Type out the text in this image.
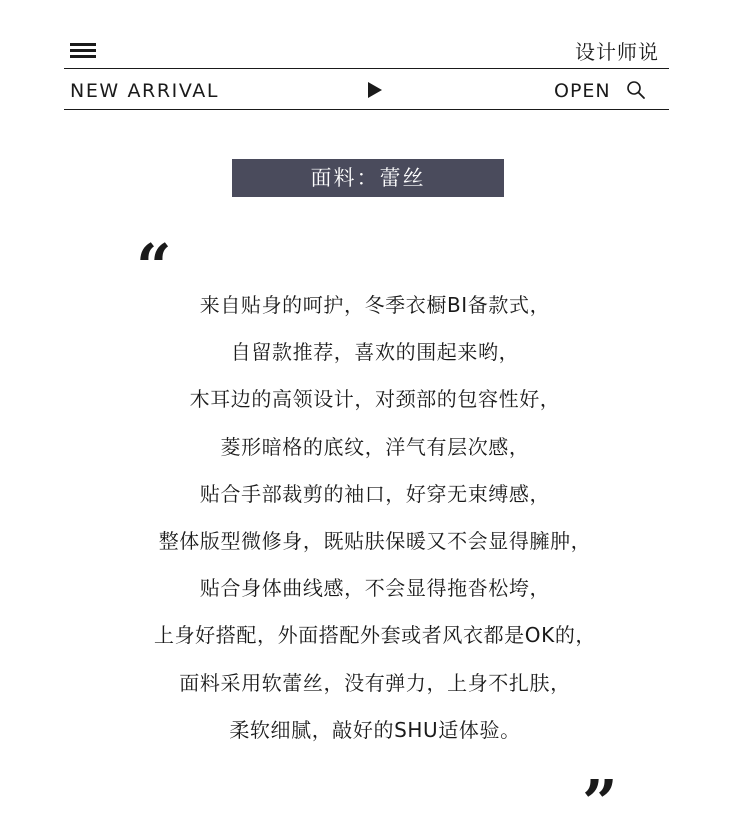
设计师说
NEW ARRIVAL	OPEN
面料：蕾丝
“
来自贴身的呵护，冬季衣橱BI备款式，
自留款推荐，喜欢的围起来哟，
木耳边的高领设计，对颈部的包容性好，
菱形暗格的底纹，洋气有层次感，
贴合手部裁剪的袖口，好穿无束缚感，
整体版型微修身，既贴肤保暖又不会显得臃肿，
贴合身体曲线感，不会显得拖沓松垮，
上身好搭配，外面搭配外套或者风衣都是OK的，
面料采用软蕾丝，没有弹力，上身不扎肤，
柔软细腻，敲好的SHU适体验。
”
